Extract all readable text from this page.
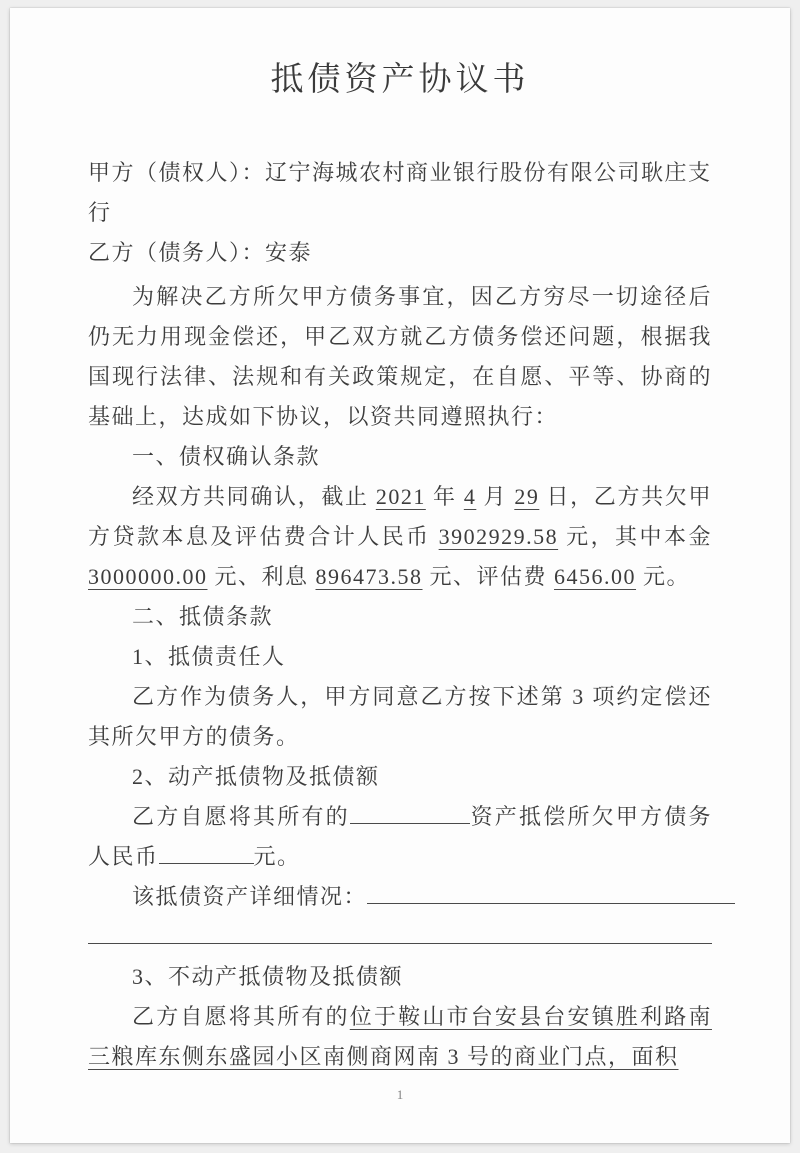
抵债资产协议书
甲方（债权人）：辽宁海城农村商业银行股份有限公司耿庄支行
乙方（债务人）：安泰

为解决乙方所欠甲方债务事宜，因乙方穷尽一切途径后仍无力用现金偿还，甲乙双方就乙方债务偿还问题，根据我国现行法律、法规和有关政策规定，在自愿、平等、协商的基础上，达成如下协议，以资共同遵照执行：

一、债权确认条款

经双方共同确认，截止 2021 年 4 月 29 日，乙方共欠甲方贷款本息及评估费合计人民币 3902929.58 元，其中本金 3000000.00 元、利息 896473.58 元、评估费 6456.00 元。

二、抵债条款

1、抵债责任人

乙方作为债务人，甲方同意乙方按下述第 3 项约定偿还其所欠甲方的债务。

2、动产抵债物及抵债额

乙方自愿将其所有的	资产抵偿所欠甲方债务人民币	元。

该抵债资产详细情况：

3、不动产抵债物及抵债额

乙方自愿将其所有的位于鞍山市台安县台安镇胜利路南三粮库东侧东盛园小区南侧商网南 3 号的商业门点，面积

1
